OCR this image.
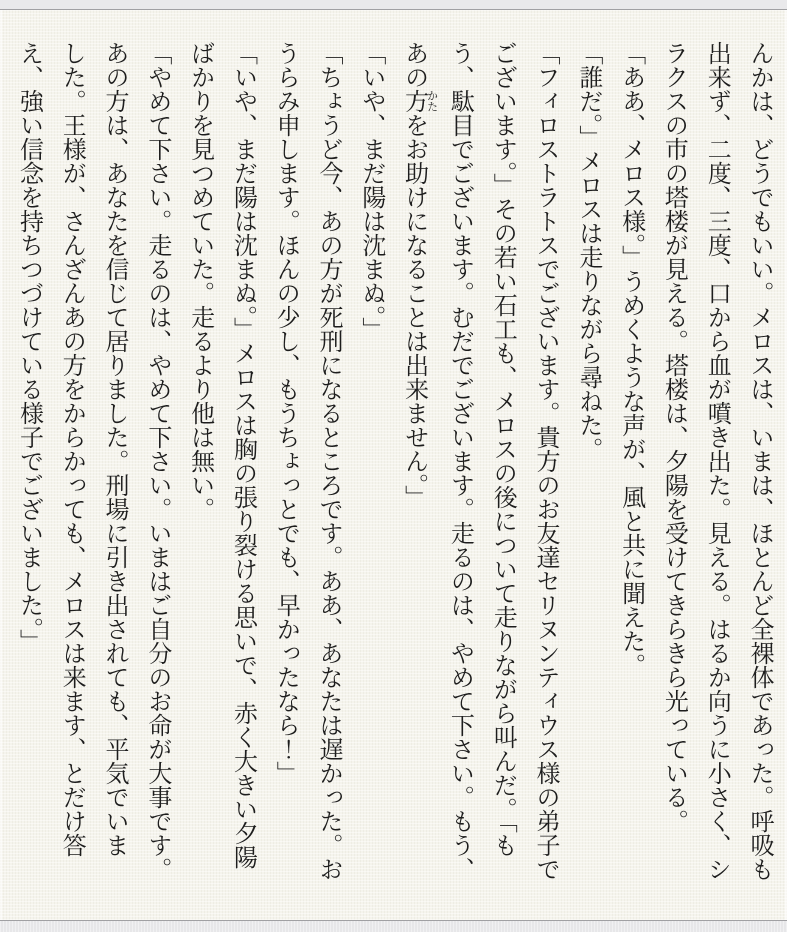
んかは、どうでもいい。メロスは、いまは、ほとんど全裸体であった。呼吸も

出来ず、二度、三度、口から血が噴き出た。見える。はるか向うに小さく、シ

ラクスの市の塔楼が見える。塔楼は、夕陽を受けてきらきら光っている。

「ああ、メロス様。」うめくような声が、風と共に聞えた。

「誰だ。」メロスは走りながら尋ねた。

「フィロストラトスでございます。貴方のお友達セリヌンティウス様の弟子で

ございます。」その若い石工も、メロスの後について走りながら叫んだ。「も

う、駄目でございます。むだでございます。走るのは、やめて下さい。もう、

あの方 かたをお助けになることは出来ません。」

「いや、まだ陽は沈まぬ。」

「ちょうど今、あの方が死刑になるところです。ああ、あなたは遅かった。お

うらみ申します。ほんの少し、もうちょっとでも、早かったなら！」

「いや、まだ陽は沈まぬ。」メロスは胸の張り裂ける思いで、赤く大きい夕陽

ばかりを見つめていた。走るより他は無い。

「やめて下さい。走るのは、やめて下さい。いまはご自分のお命が大事です。

あの方は、あなたを信じて居りました。刑場に引き出されても、平気でいま

した。王様が、さんざんあの方をからかっても、メロスは来ます、とだけ答

え、強い信念を持ちつづけている様子でございました。」
